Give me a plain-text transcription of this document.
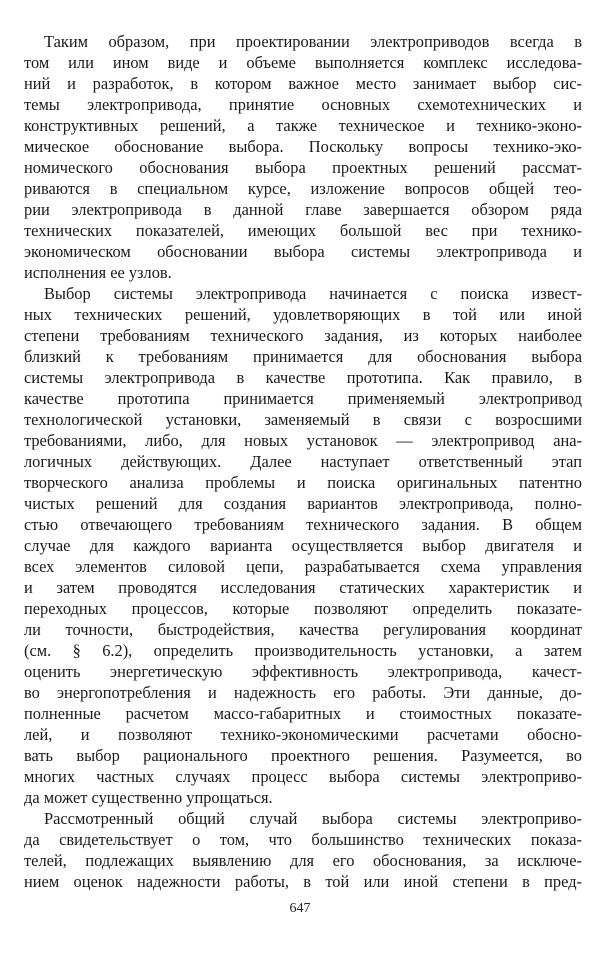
Таким образом, при проектировании электроприводов всегда в
том или ином виде и объеме выполняется комплекс исследова-
ний и разработок, в котором важное место занимает выбор сис-
темы электропривода, принятие основных схемотехнических и
конструктивных решений, а также техническое и технико-эконо-
мическое обоснование выбора. Поскольку вопросы технико-эко-
номического обоснования выбора проектных решений рассмат-
риваются в специальном курсе, изложение вопросов общей тео-
рии электропривода в данной главе завершается обзором ряда
технических показателей, имеющих большой вес при технико-
экономическом обосновании выбора системы электропривода и
исполнения ее узлов.
Выбор системы электропривода начинается с поиска извест-
ных технических решений, удовлетворяющих в той или иной
степени требованиям технического задания, из которых наиболее
близкий к требованиям принимается для обоснования выбора
системы электропривода в качестве прототипа. Как правило, в
качестве прототипа принимается применяемый электропривод
технологической установки, заменяемый в связи с возросшими
требованиями, либо, для новых установок — электропривод ана-
логичных действующих. Далее наступает ответственный этап
творческого анализа проблемы и поиска оригинальных патентно
чистых решений для создания вариантов электропривода, полно-
стью отвечающего требованиям технического задания. В общем
случае для каждого варианта осуществляется выбор двигателя и
всех элементов силовой цепи, разрабатывается схема управления
и затем проводятся исследования статических характеристик и
переходных процессов, которые позволяют определить показате-
ли точности, быстродействия, качества регулирования координат
(см. § 6.2), определить производительность установки, а затем
оценить энергетическую эффективность электропривода, качест-
во энергопотребления и надежность его работы. Эти данные, до-
полненные расчетом массо-габаритных и стоимостных показате-
лей, и позволяют технико-экономическими расчетами обосно-
вать выбор рационального проектного решения. Разумеется, во
многих частных случаях процесс выбора системы электроприво-
да может существенно упрощаться.
Рассмотренный общий случай выбора системы электроприво-
да свидетельствует о том, что большинство технических показа-
телей, подлежащих выявлению для его обоснования, за исключе-
нием оценок надежности работы, в той или иной степени в пред-
647
